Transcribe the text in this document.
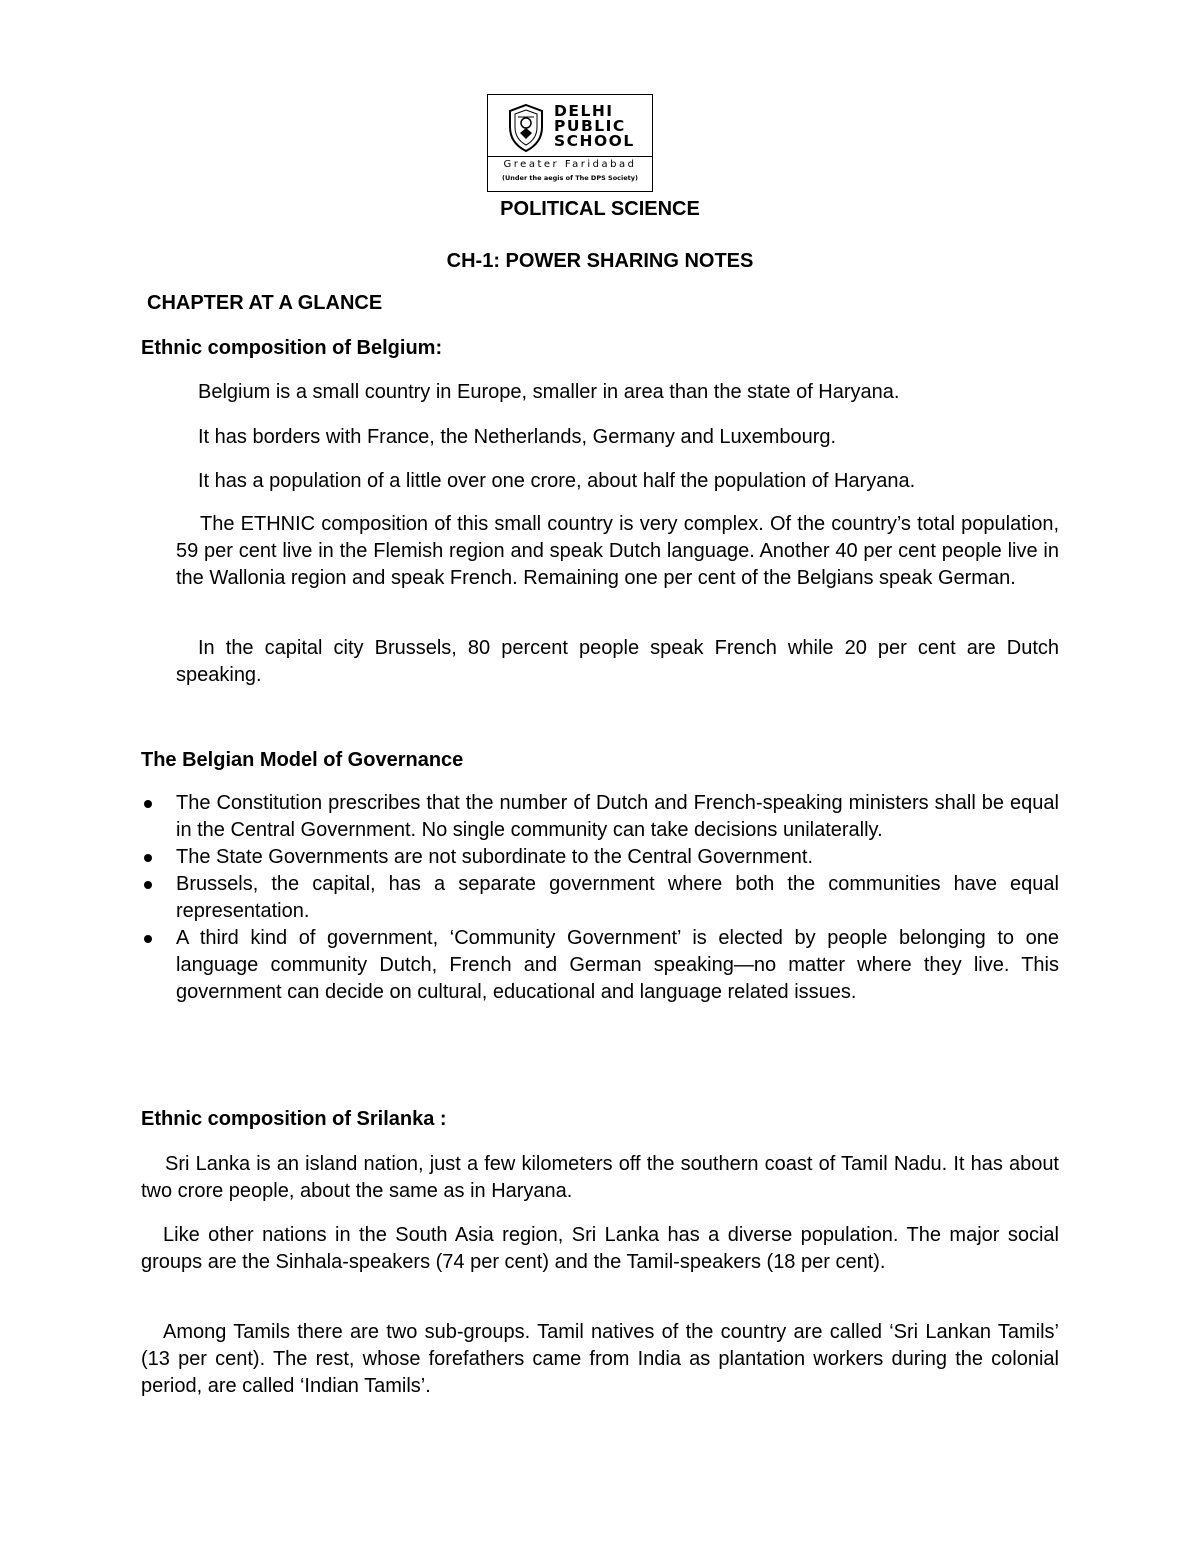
DELHI
PUBLIC
SCHOOL
Greater Faridabad
(Under the aegis of The DPS Society)
POLITICAL SCIENCE
CH-1: POWER SHARING NOTES
CHAPTER AT A GLANCE
Ethnic composition of Belgium:
Belgium is a small country in Europe, smaller in area than the state of Haryana.
It has borders with France, the Netherlands, Germany and Luxembourg.
It has a population of a little over one crore, about half the population of Haryana.
The ETHNIC composition of this small country is very complex. Of the country’s total population, 59 per cent live in the Flemish region and speak Dutch language. Another 40 per cent people live in the Wallonia region and speak French. Remaining one per cent of the Belgians speak German.
In the capital city Brussels, 80 percent people speak French while 20 per cent are Dutch speaking.
The Belgian Model of Governance
The Constitution prescribes that the number of Dutch and French-speaking ministers shall be equal in the Central Government. No single community can take decisions unilaterally.
The State Governments are not subordinate to the Central Government.
Brussels, the capital, has a separate government where both the communities have equal representation.
A third kind of government, ‘Community Government’ is elected by people belonging to one language community Dutch, French and German speaking—no matter where they live. This government can decide on cultural, educational and language related issues.
Ethnic composition of Srilanka :
Sri Lanka is an island nation, just a few kilometers off the southern coast of Tamil Nadu. It has about two crore people, about the same as in Haryana.
Like other nations in the South Asia region, Sri Lanka has a diverse population. The major social groups are the Sinhala-speakers (74 per cent) and the Tamil-speakers (18 per cent).
Among Tamils there are two sub-groups. Tamil natives of the country are called ‘Sri Lankan Tamils’ (13 per cent). The rest, whose forefathers came from India as plantation workers during the colonial period, are called ‘Indian Tamils’.
